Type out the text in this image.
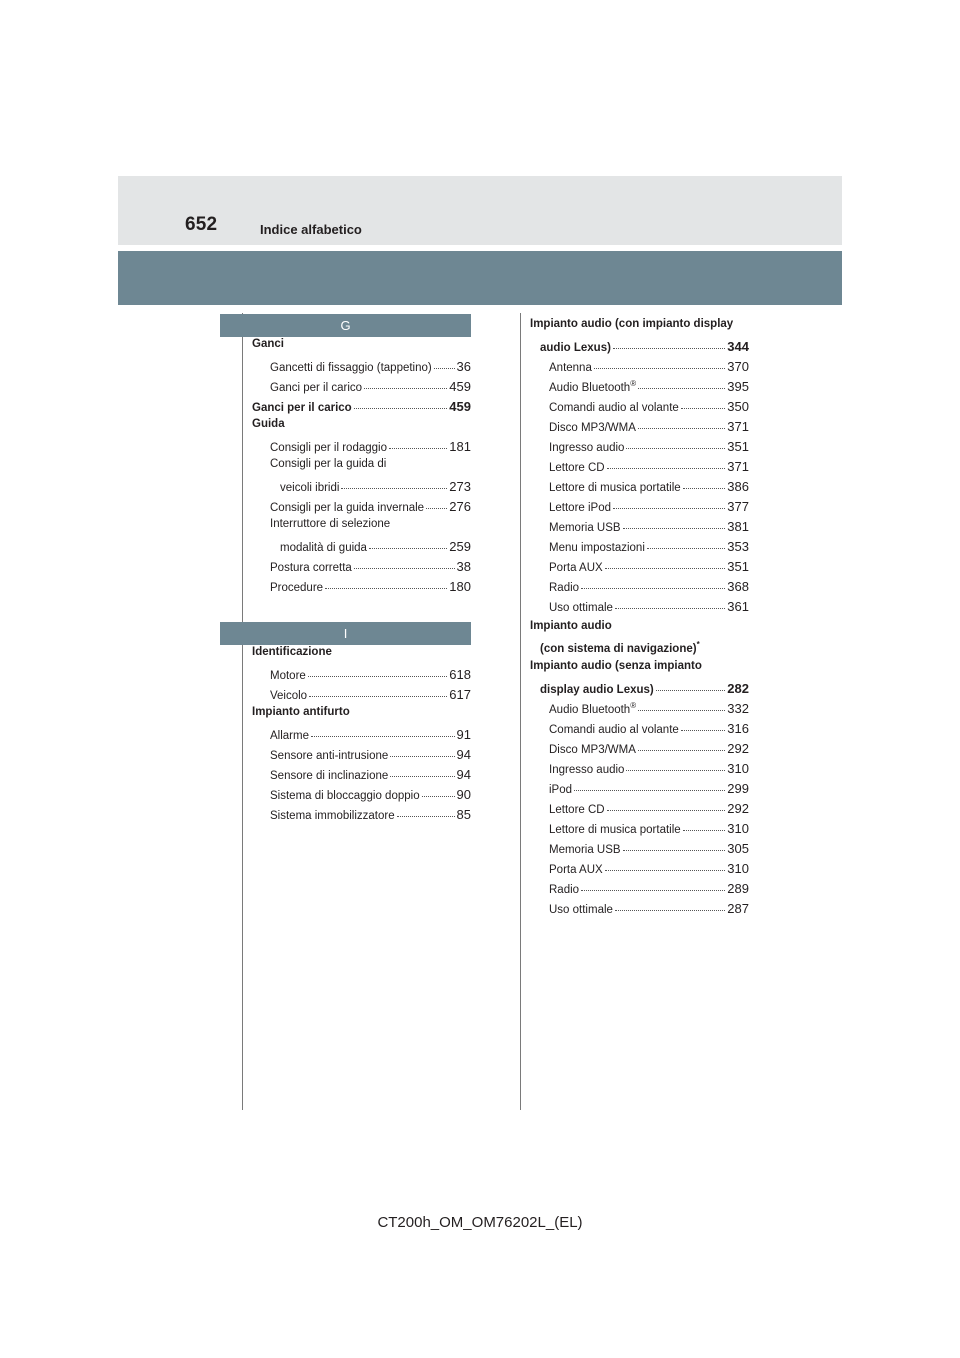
652	Indice alfabetico
G
I
Ganci
Gancetti di fissaggio (tappetino) 36
Ganci per il carico	459
Ganci per il carico	459
Guida
Consigli per il rodaggio	181
Consigli per la guida di
veicoli ibridi	273
Consigli per la guida invernale 276
Interruttore di selezione
modalità di guida	259
Postura corretta	38
Procedure	180
Identificazione
Motore	618
Veicolo	617
Impianto antifurto
Allarme	91
Sensore anti-intrusione	94
Sensore di inclinazione	94
Sistema di bloccaggio doppio	90
Sistema immobilizzatore	85
Impianto audio (con impianto display
audio Lexus)	344
Antenna	370
Audio Bluetooth®	395
Comandi audio al volante	350
Disco MP3/WMA	371
Ingresso audio	351
Lettore CD	371
Lettore di musica portatile	386
Lettore iPod	377
Memoria USB	381
Menu impostazioni	353
Porta AUX	351
Radio	368
Uso ottimale	361
Impianto audio
(con sistema di navigazione)*
Impianto audio (senza impianto
display audio Lexus)	282
Audio Bluetooth®	332
Comandi audio al volante	316
Disco MP3/WMA	292
Ingresso audio	310
iPod	299
Lettore CD	292
Lettore di musica portatile	310
Memoria USB	305
Porta AUX	310
Radio	289
Uso ottimale	287
CT200h_OM_OM76202L_(EL)
